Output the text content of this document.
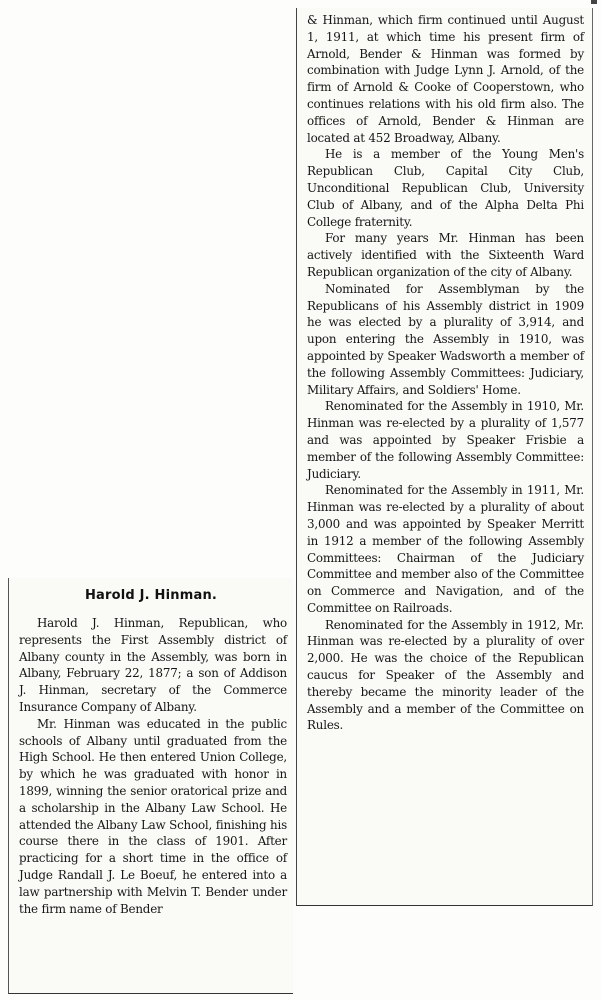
Harold J. Hinman.

Harold J. Hinman, Republican, who represents the First Assembly district of Albany county in the Assembly, was born in Albany, February 22, 1877; a son of Addison J. Hinman, secretary of the Commerce Insurance Company of Albany.

Mr. Hinman was educated in the public schools of Albany until graduated from the High School. He then entered Union College, by which he was graduated with honor in 1899, winning the senior oratorical prize and a scholarship in the Albany Law School. He attended the Albany Law School, finishing his course there in the class of 1901. After practicing for a short time in the office of Judge Randall J. Le Boeuf, he entered into a law partnership with Melvin T. Bender under the firm name of Bender

& Hinman, which firm continued until August 1, 1911, at which time his present firm of Arnold, Bender & Hinman was formed by combination with Judge Lynn J. Arnold, of the firm of Arnold & Cooke of Cooperstown, who continues relations with his old firm also. The offices of Arnold, Bender & Hinman are located at 452 Broadway, Albany.

He is a member of the Young Men's Republican Club, Capital City Club, Unconditional Republican Club, University Club of Albany, and of the Alpha Delta Phi College fraternity.

For many years Mr. Hinman has been actively identified with the Sixteenth Ward Republican organization of the city of Albany.

Nominated for Assemblyman by the Republicans of his Assembly district in 1909 he was elected by a plurality of 3,914, and upon entering the Assembly in 1910, was appointed by Speaker Wadsworth a member of the following Assembly Committees: Judiciary, Military Affairs, and Soldiers' Home.

Renominated for the Assembly in 1910, Mr. Hinman was re-elected by a plurality of 1,577 and was appointed by Speaker Frisbie a member of the following Assembly Committee: Judiciary.

Renominated for the Assembly in 1911, Mr. Hinman was re-elected by a plurality of about 3,000 and was appointed by Speaker Merritt in 1912 a member of the following Assembly Committees: Chairman of the Judiciary Committee and member also of the Committee on Commerce and Navigation, and of the Committee on Railroads.

Renominated for the Assembly in 1912, Mr. Hinman was re-elected by a plurality of over 2,000. He was the choice of the Republican caucus for Speaker of the Assembly and thereby became the minority leader of the Assembly and a member of the Committee on Rules.
